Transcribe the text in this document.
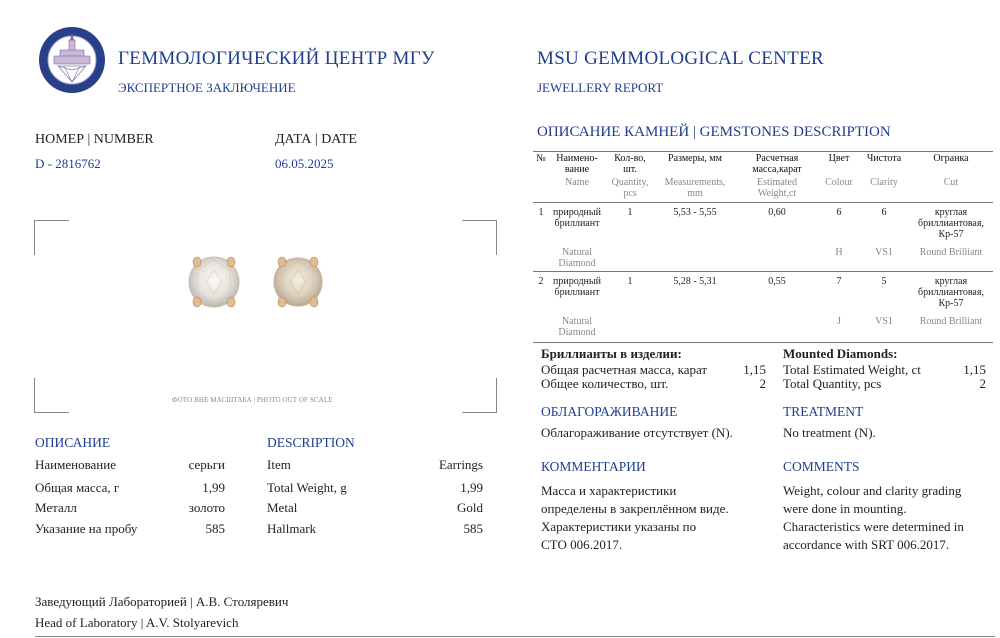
ГЕММОЛОГИЧЕСКИЙ ЦЕНТР МГУ
ЭКСПЕРТНОЕ ЗАКЛЮЧЕНИЕ
MSU GEMMOLOGICAL CENTER
JEWELLERY REPORT
НОМЕР | NUMBER
D - 2816762
ДАТА | DATE
06.05.2025
ФОТО ВНЕ МАСШТАБА | PHOTO OUT OF SCALE
ОПИСАНИЕ	DESCRIPTION
Наименование	серьги	Item	Earrings
Общая масса, г	1,99	Total Weight, g	1,99
Металл	золото	Metal	Gold
Указание на пробу	585	Hallmark	585
Заведующий Лабораторией | А.В. Столяревич
Head of Laboratory | A.V. Stolyarevich
ОПИСАНИЕ КАМНЕЙ | GEMSTONES DESCRIPTION
№	Наимено-вание	Кол-во, шт.	Размеры, мм	Расчетная масса,карат	Цвет	Чистота	Огранка
	Name	Quantity, pcs	Measurements, mm	Estimated Weight,ct	Colour	Clarity	Cut
1	природный бриллиант	1	5,53 - 5,55	0,60	6	6	круглая бриллиантовая, Кр-57
	Natural Diamond				H	VS1	Round Brilliant
2	природный бриллиант	1	5,28 - 5,31	0,55	7	5	круглая бриллиантовая, Кр-57
	Natural Diamond				J	VS1	Round Brilliant
Бриллианты в изделии:
Общая расчетная масса, карат	1,15
Общее количество, шт.	2
Mounted Diamonds:
Total Estimated Weight, ct	1,15
Total Quantity, pcs	2
ОБЛАГОРАЖИВАНИЕ
Облагораживание отсутствует (N).
TREATMENT
No treatment (N).
КОММЕНТАРИИ
Масса и характеристики
определены в закреплённом виде.
Характеристики указаны по
СТО 006.2017.
COMMENTS
Weight, colour and clarity grading
were done in mounting.
Characteristics were determined in
accordance with SRT 006.2017.
